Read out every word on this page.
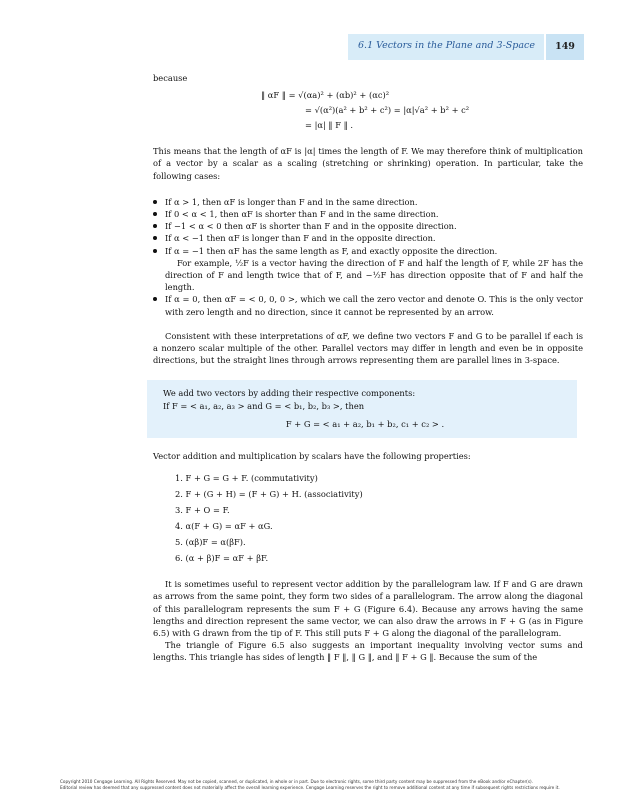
6.1 Vectors in the Plane and 3-Space	149

because

‖ αF ‖ = √(αa)² + (αb)² + (αc)²
= √(α²)(a² + b² + c²) = |α|√a² + b² + c²
= |α| ‖ F ‖ .

This means that the length of αF is |α| times the length of F. We may therefore think of multiplication of a vector by a scalar as a scaling (stretching or shrinking) operation. In particular, take the following cases:

If α > 1, then αF is longer than F and in the same direction.
If 0 < α < 1, then αF is shorter than F and in the same direction.
If −1 < α < 0 then αF is shorter than F and in the opposite direction.
If α < −1 then αF is longer than F and in the opposite direction.
If α = −1 then αF has the same length as F, and exactly opposite the direction.

For example, ½F is a vector having the direction of F and half the length of F, while 2F has the direction of F and length twice that of F, and −½F has direction opposite that of F and half the length.

If α = 0, then αF = < 0, 0, 0 >, which we call the zero vector and denote O. This is the only vector with zero length and no direction, since it cannot be represented by an arrow.

Consistent with these interpretations of αF, we define two vectors F and G to be parallel if each is a nonzero scalar multiple of the other. Parallel vectors may differ in length and even be in opposite directions, but the straight lines through arrows representing them are parallel lines in 3-space.

We add two vectors by adding their respective components:
If F = < a₁, a₂, a₃ > and G = < b₁, b₂, b₃ >, then
F + G = < a₁ + a₂, b₁ + b₂, c₁ + c₂ > .

Vector addition and multiplication by scalars have the following properties:

1. F + G = G + F. (commutativity)
2. F + (G + H) = (F + G) + H. (associativity)
3. F + O = F.
4. α(F + G) = αF + αG.
5. (αβ)F = α(βF).
6. (α + β)F = αF + βF.

It is sometimes useful to represent vector addition by the parallelogram law. If F and G are drawn as arrows from the same point, they form two sides of a parallelogram. The arrow along the diagonal of this parallelogram represents the sum F + G (Figure 6.4). Because any arrows having the same lengths and direction represent the same vector, we can also draw the arrows in F + G (as in Figure 6.5) with G drawn from the tip of F. This still puts F + G along the diagonal of the parallelogram.

The triangle of Figure 6.5 also suggests an important inequality involving vector sums and lengths. This triangle has sides of length ‖ F ‖, ‖ G ‖, and ‖ F + G ‖. Because the sum of the

Copyright 2010 Cengage Learning. All Rights Reserved. May not be copied, scanned, or duplicated, in whole or in part. Due to electronic rights, some third party content may be suppressed from the eBook and/or eChapter(s).
Editorial review has deemed that any suppressed content does not materially affect the overall learning experience. Cengage Learning reserves the right to remove additional content at any time if subsequent rights restrictions require it.
